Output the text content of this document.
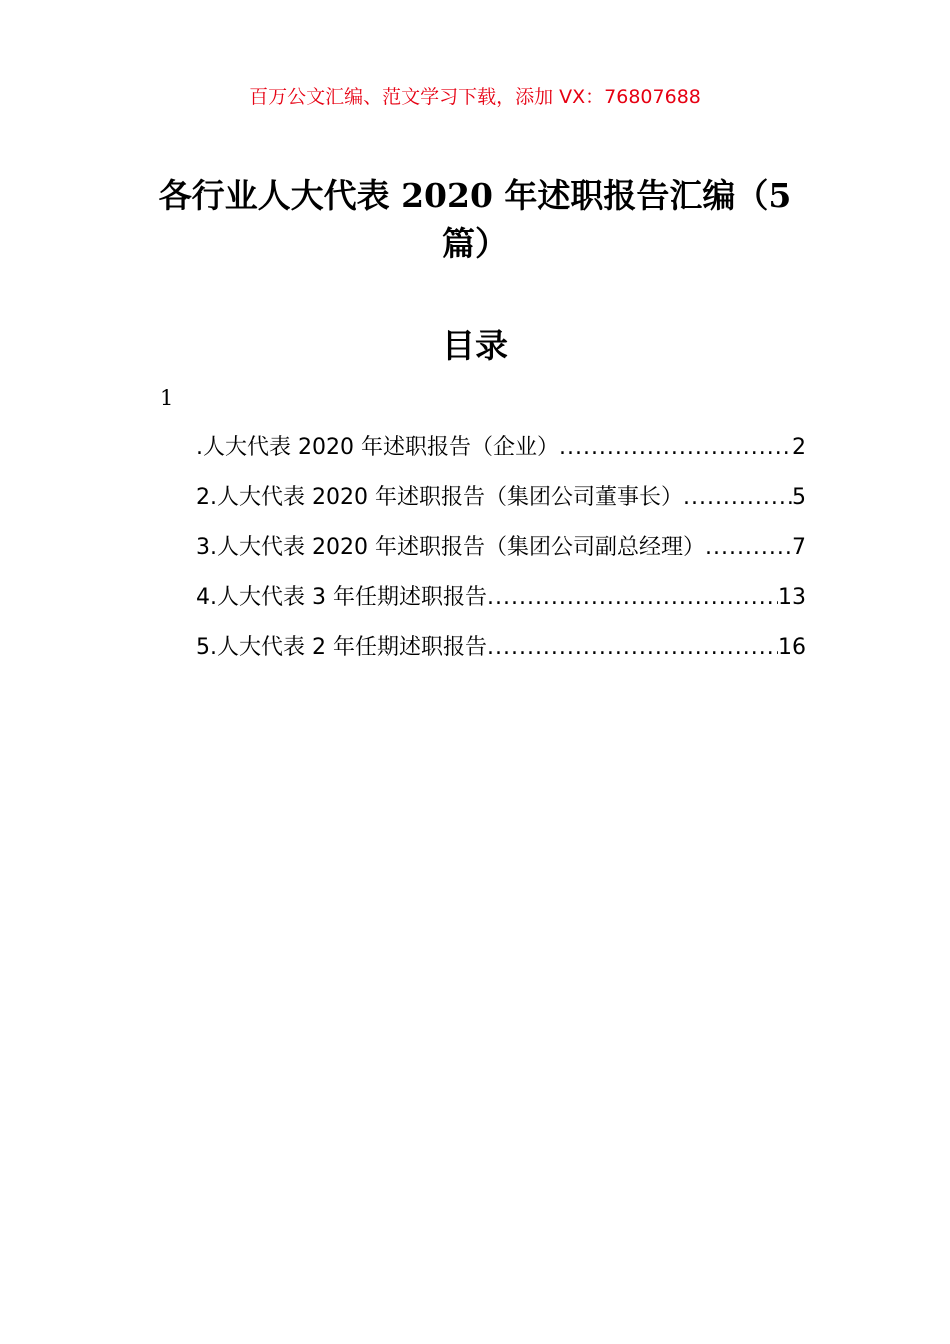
百万公文汇编、范文学习下载，添加 VX：76807688
各行业人大代表 2020 年述职报告汇编（5 篇）
目录
1
.人大代表 2020 年述职报告（企业） .....	2
2.人大代表 2020 年述职报告（集团公司董事长） .....	5
3.人大代表 2020 年述职报告（集团公司副总经理） .....	7
4.人大代表 3 年任期述职报告 .....	13
5.人大代表 2 年任期述职报告 .....	16
